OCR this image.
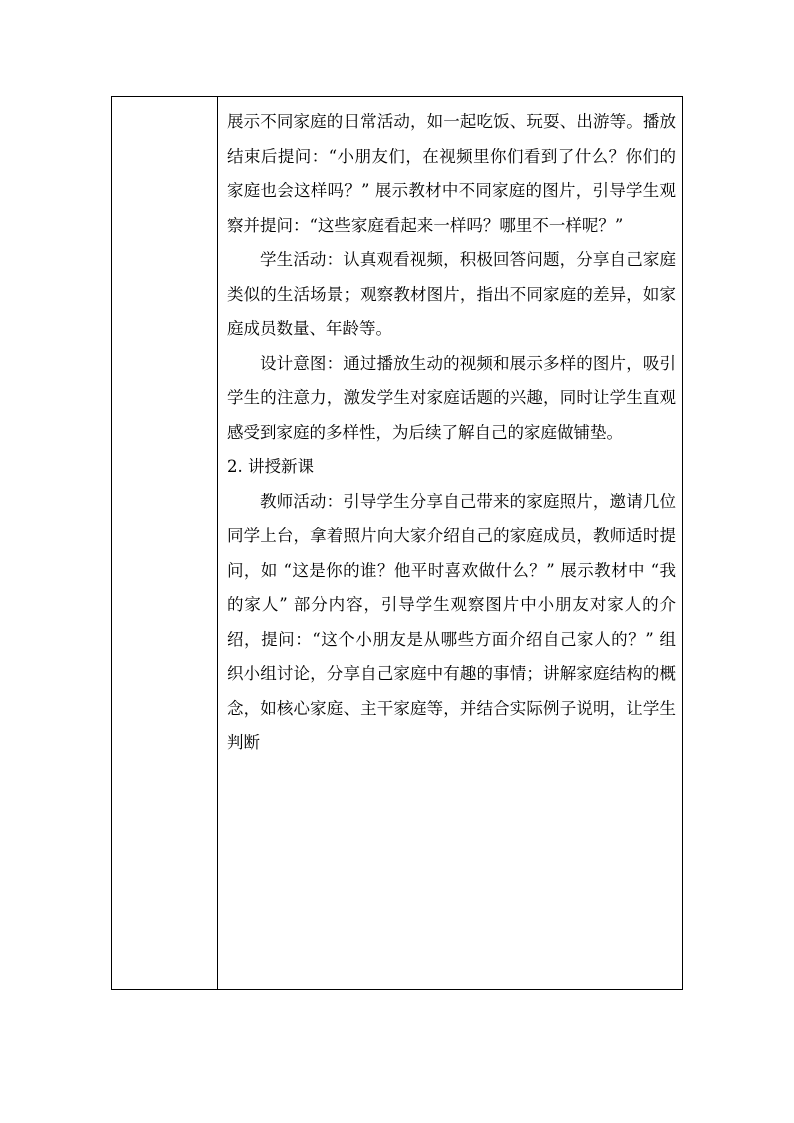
展示不同家庭的日常活动，如一起吃饭、玩耍、出游等。播放结束后提问：“小朋友们，在视频里你们看到了什么？你们的家庭也会这样吗？” 展示教材中不同家庭的图片，引导学生观察并提问：“这些家庭看起来一样吗？哪里不一样呢？”

学生活动：认真观看视频，积极回答问题，分享自己家庭类似的生活场景；观察教材图片，指出不同家庭的差异，如家庭成员数量、年龄等。

设计意图：通过播放生动的视频和展示多样的图片，吸引学生的注意力，激发学生对家庭话题的兴趣，同时让学生直观感受到家庭的多样性，为后续了解自己的家庭做铺垫。

2. 讲授新课

教师活动：引导学生分享自己带来的家庭照片，邀请几位同学上台，拿着照片向大家介绍自己的家庭成员，教师适时提问，如 “这是你的谁？他平时喜欢做什么？” 展示教材中 “我的家人” 部分内容，引导学生观察图片中小朋友对家人的介绍，提问：“这个小朋友是从哪些方面介绍自己家人的？” 组织小组讨论，分享自己家庭中有趣的事情；讲解家庭结构的概念，如核心家庭、主干家庭等，并结合实际例子说明，让学生判断
